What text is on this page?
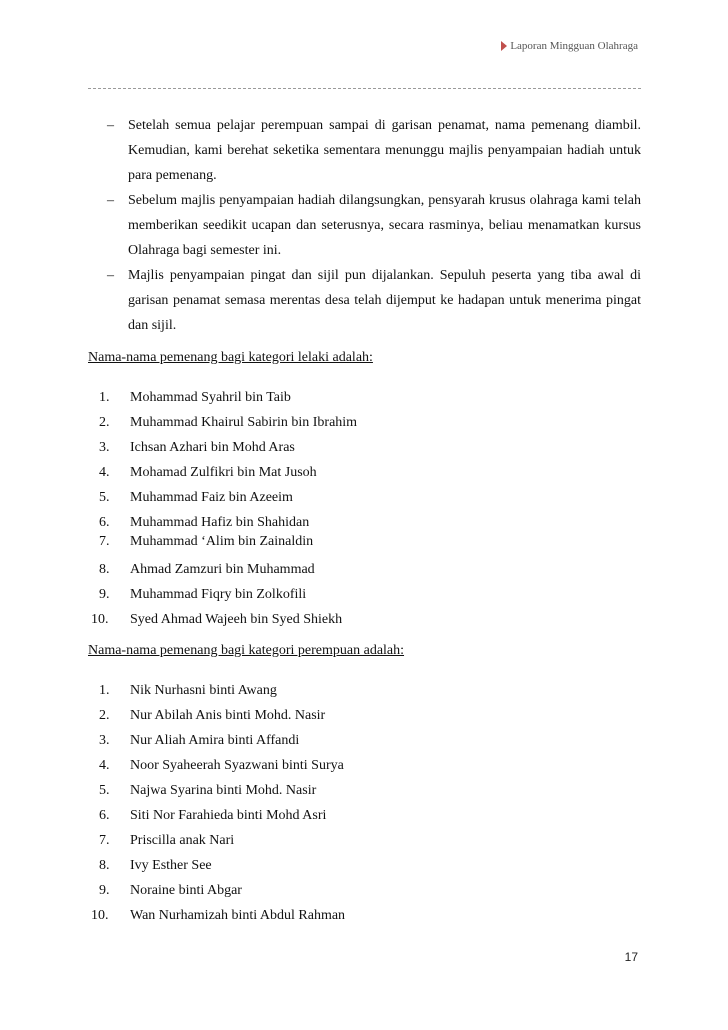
Laporan Mingguan Olahraga
– Setelah semua pelajar perempuan sampai di garisan penamat, nama pemenang diambil. Kemudian, kami berehat seketika sementara menunggu majlis penyampaian hadiah untuk para pemenang.
– Sebelum majlis penyampaian hadiah dilangsungkan, pensyarah krusus olahraga kami telah memberikan seedikit ucapan dan seterusnya, secara rasminya, beliau menamatkan kursus Olahraga bagi semester ini.
– Majlis penyampaian pingat dan sijil pun dijalankan. Sepuluh peserta yang tiba awal di garisan penamat semasa merentas desa telah dijemput ke hadapan untuk menerima pingat dan sijil.
Nama-nama pemenang bagi kategori lelaki adalah:
1. Mohammad Syahril bin Taib
2. Muhammad Khairul Sabirin bin Ibrahim
3. Ichsan Azhari bin Mohd Aras
4. Mohamad Zulfikri bin Mat Jusoh
5. Muhammad Faiz bin Azeeim
6. Muhammad Hafiz bin Shahidan
7. Muhammad ‘Alim bin Zainaldin
8. Ahmad Zamzuri bin Muhammad
9. Muhammad Fiqry bin Zolkofili
10. Syed Ahmad Wajeeh bin Syed Shiekh
Nama-nama pemenang bagi kategori perempuan adalah:
1. Nik Nurhasni binti Awang
2. Nur Abilah Anis binti Mohd. Nasir
3. Nur Aliah Amira binti Affandi
4. Noor Syaheerah Syazwani binti Surya
5. Najwa Syarina binti Mohd. Nasir
6. Siti Nor Farahieda binti Mohd Asri
7. Priscilla anak Nari
8. Ivy Esther See
9. Noraine binti Abgar
10. Wan Nurhamizah binti Abdul Rahman
17
